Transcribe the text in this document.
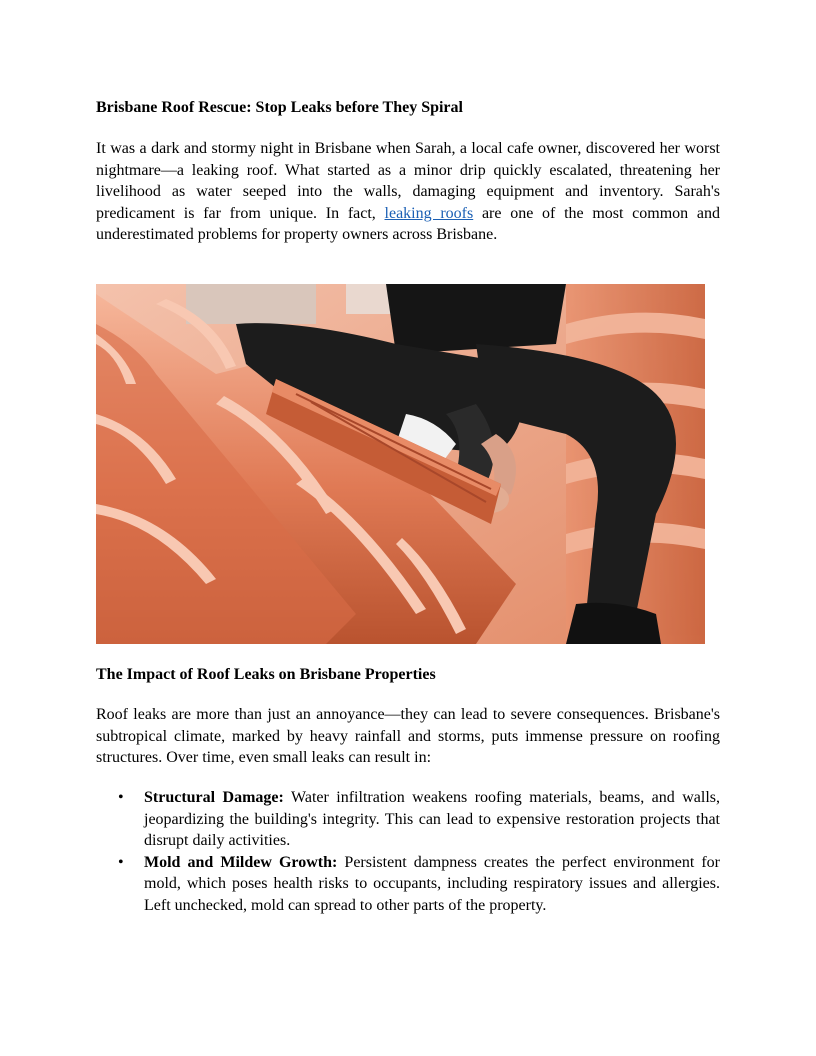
Brisbane Roof Rescue: Stop Leaks before They Spiral

It was a dark and stormy night in Brisbane when Sarah, a local cafe owner, discovered her worst nightmare—a leaking roof. What started as a minor drip quickly escalated, threatening her livelihood as water seeped into the walls, damaging equipment and inventory. Sarah's predicament is far from unique. In fact, leaking roofs are one of the most common and underestimated problems for property owners across Brisbane.

The Impact of Roof Leaks on Brisbane Properties

Roof leaks are more than just an annoyance—they can lead to severe consequences. Brisbane's subtropical climate, marked by heavy rainfall and storms, puts immense pressure on roofing structures. Over time, even small leaks can result in:

• Structural Damage: Water infiltration weakens roofing materials, beams, and walls, jeopardizing the building's integrity. This can lead to expensive restoration projects that disrupt daily activities.
• Mold and Mildew Growth: Persistent dampness creates the perfect environment for mold, which poses health risks to occupants, including respiratory issues and allergies. Left unchecked, mold can spread to other parts of the property.
